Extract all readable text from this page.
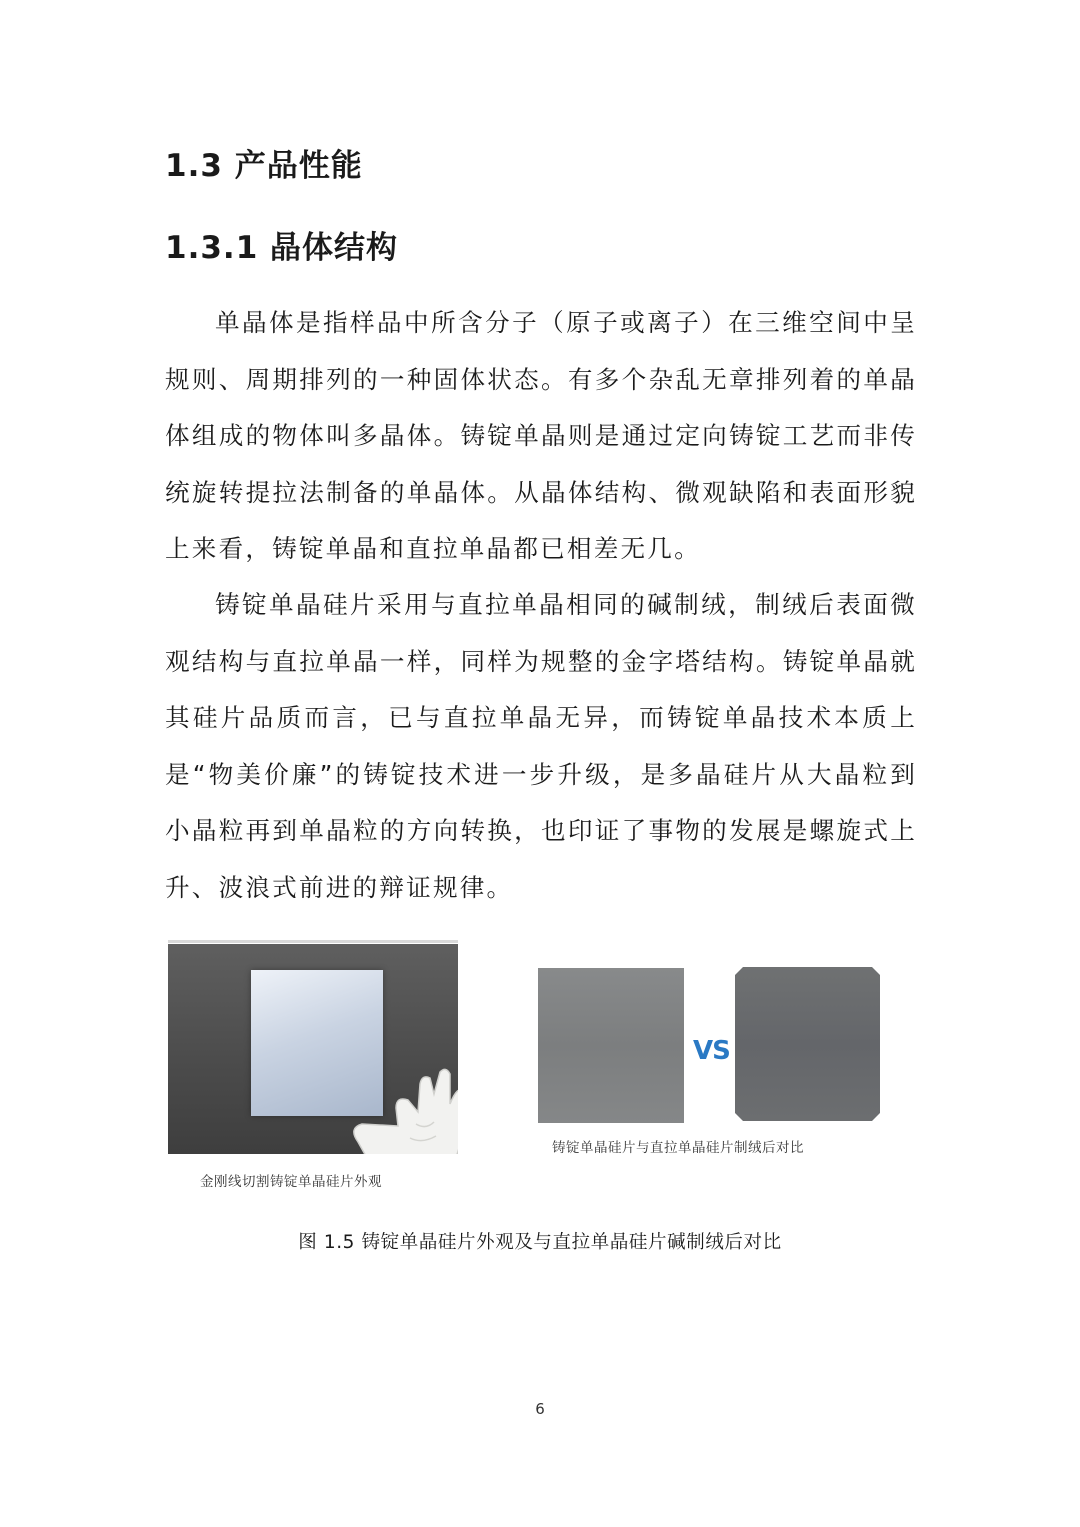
1.3 产品性能
1.3.1 晶体结构

单晶体是指样品中所含分子（原子或离子）在三维空间中呈规则、周期排列的一种固体状态。有多个杂乱无章排列着的单晶体组成的物体叫多晶体。铸锭单晶则是通过定向铸锭工艺而非传统旋转提拉法制备的单晶体。从晶体结构、微观缺陷和表面形貌上来看，铸锭单晶和直拉单晶都已相差无几。

铸锭单晶硅片采用与直拉单晶相同的碱制绒，制绒后表面微观结构与直拉单晶一样，同样为规整的金字塔结构。铸锭单晶就其硅片品质而言，已与直拉单晶无异，而铸锭单晶技术本质上是“物美价廉”的铸锭技术进一步升级，是多晶硅片从大晶粒到小晶粒再到单晶粒的方向转换，也印证了事物的发展是螺旋式上升、波浪式前进的辩证规律。

VS
金刚线切割铸锭单晶硅片外观
铸锭单晶硅片与直拉单晶硅片制绒后对比
图 1.5 铸锭单晶硅片外观及与直拉单晶硅片碱制绒后对比
6
